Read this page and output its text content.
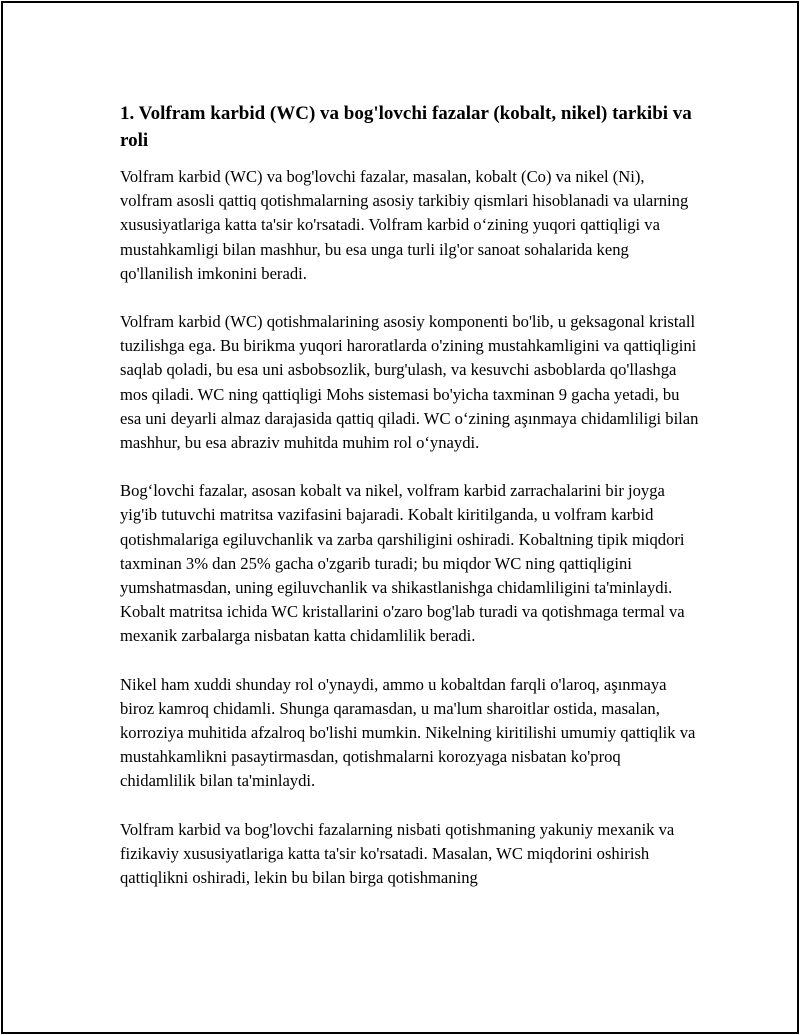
1. Volfram karbid (WC) va bog'lovchi fazalar (kobalt, nikel) tarkibi va roli

Volfram karbid (WC) va bog'lovchi fazalar, masalan, kobalt (Co) va nikel (Ni), volfram asosli qattiq qotishmalarning asosiy tarkibiy qismlari hisoblanadi va ularning xususiyatlariga katta ta'sir ko'rsatadi. Volfram karbid o‘zining yuqori qattiqligi va mustahkamligi bilan mashhur, bu esa unga turli ilg'or sanoat sohalarida keng qo'llanilish imkonini beradi.

Volfram karbid (WC) qotishmalarining asosiy komponenti bo'lib, u geksagonal kristall tuzilishga ega. Bu birikma yuqori haroratlarda o'zining mustahkamligini va qattiqligini saqlab qoladi, bu esa uni asbobsozlik, burg'ulash, va kesuvchi asboblarda qo'llashga mos qiladi. WC ning qattiqligi Mohs sistemasi bo'yicha taxminan 9 gacha yetadi, bu esa uni deyarli almaz darajasida qattiq qiladi. WC o‘zining aşınmaya chidamliligi bilan mashhur, bu esa abraziv muhitda muhim rol o‘ynaydi.

Bog‘lovchi fazalar, asosan kobalt va nikel, volfram karbid zarrachalarini bir joyga yig'ib tutuvchi matritsa vazifasini bajaradi. Kobalt kiritilganda, u volfram karbid qotishmalariga egiluvchanlik va zarba qarshiligini oshiradi. Kobaltning tipik miqdori taxminan 3% dan 25% gacha o'zgarib turadi; bu miqdor WC ning qattiqligini yumshatmasdan, uning egiluvchanlik va shikastlanishga chidamliligini ta'minlaydi. Kobalt matritsa ichida WC kristallarini o'zaro bog'lab turadi va qotishmaga termal va mexanik zarbalarga nisbatan katta chidamlilik beradi.

Nikel ham xuddi shunday rol o'ynaydi, ammo u kobaltdan farqli o'laroq, aşınmaya biroz kamroq chidamli. Shunga qaramasdan, u ma'lum sharoitlar ostida, masalan, korroziya muhitida afzalroq bo'lishi mumkin. Nikelning kiritilishi umumiy qattiqlik va mustahkamlikni pasaytirmasdan, qotishmalarni korozyaga nisbatan ko'proq chidamlilik bilan ta'minlaydi.

Volfram karbid va bog'lovchi fazalarning nisbati qotishmaning yakuniy mexanik va fizikaviy xususiyatlariga katta ta'sir ko'rsatadi. Masalan, WC miqdorini oshirish qattiqlikni oshiradi, lekin bu bilan birga qotishmaning
